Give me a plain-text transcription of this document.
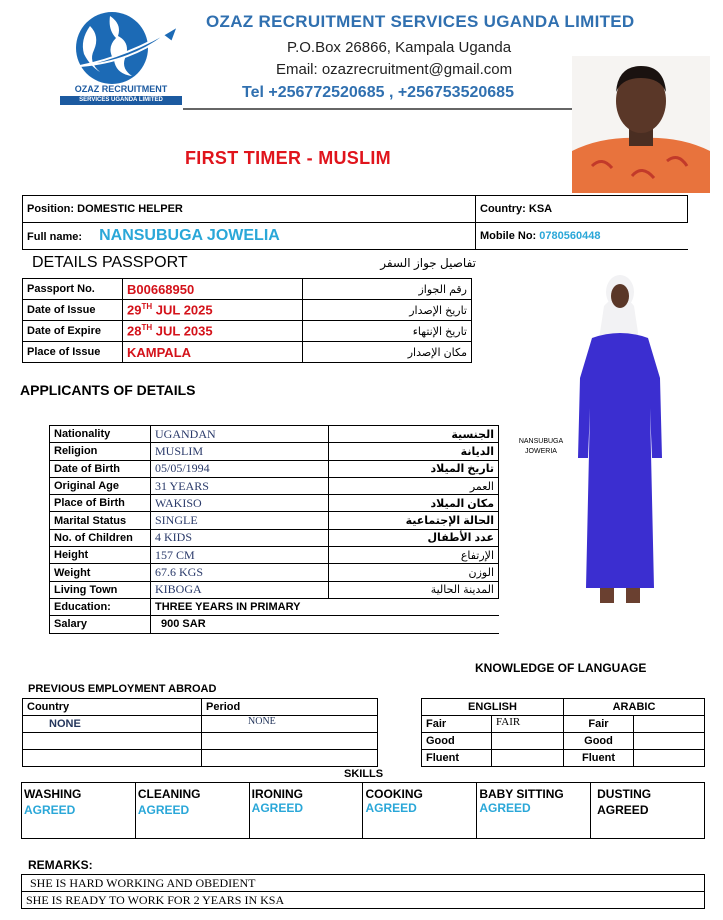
OZAZ RECRUITMENT
SERVICES UGANDA LIMITED
OZAZ RECRUITMENT SERVICES UGANDA LIMITED
P.O.Box 26866, Kampala Uganda
Email: ozazrecruitment@gmail.com
Tel +256772520685 , +256753520685
FIRST TIMER - MUSLIM
Position: DOMESTIC HELPER	Country: KSA
Full name: NANSUBUGA JOWELIA	Mobile No: 0780560448
DETAILS PASSPORT	تفاصيل جواز السفر
Passport No.	B00668950	رقم الجواز
Date of Issue	29TH JUL 2025	تاريخ الإصدار
Date of Expire	28TH JUL 2035	تاريخ الإنتهاء
Place of Issue	KAMPALA	مكان الإصدار
NANSUBUGA JOWERIA
APPLICANTS OF DETAILS
Nationality	UGANDAN	الجنسية
Religion	MUSLIM	الديانة
Date of Birth	05/05/1994	تاريخ الميلاد
Original Age	31 YEARS	العمر
Place of Birth	WAKISO	مكان الميلاد
Marital Status	SINGLE	الحالة الإجتماعية
No. of Children	4 KIDS	عدد الأطفال
Height	157 CM	الإرتفاع
Weight	67.6 KGS	الوزن
Living Town	KIBOGA	المدينة الحالية
Education:	THREE YEARS IN PRIMARY	
Salary	900 SAR	
KNOWLEDGE OF LANGUAGE
ENGLISH		ARABIC	
Fair	FAIR	Fair	
Good		Good	
Fluent		Fluent	
PREVIOUS EMPLOYMENT ABROAD
Country	Period
NONE	NONE

SKILLS
WASHING
AGREED

CLEANING
AGREED

IRONING
AGREED

COOKING
AGREED

BABY SITTING
AGREED

DUSTING
AGREED
REMARKS:
SHE IS HARD WORKING AND OBEDIENT
SHE IS READY TO WORK FOR 2 YEARS IN KSA
